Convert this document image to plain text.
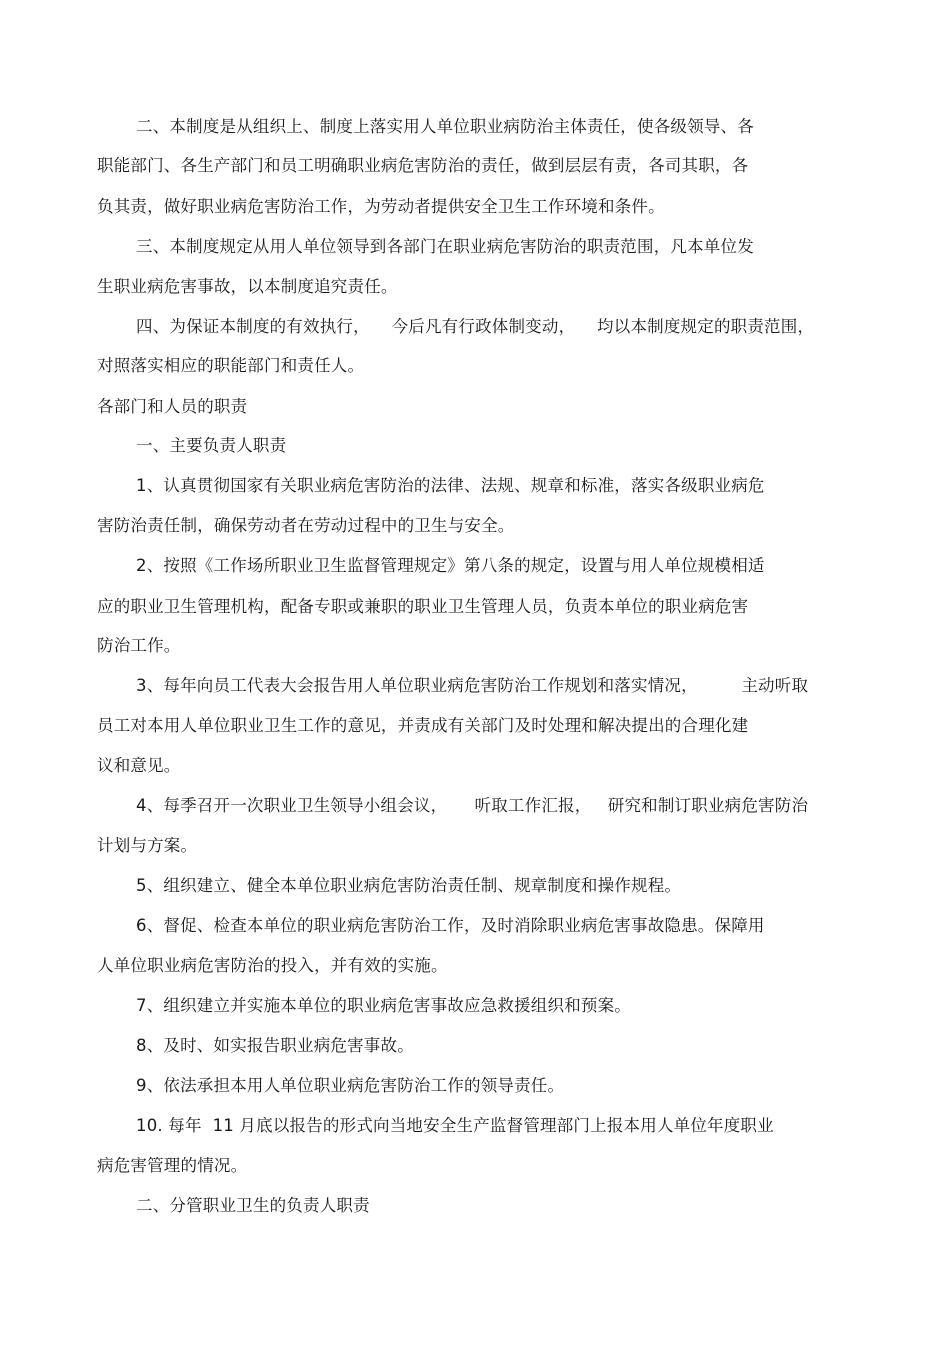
二、本制度是从组织上、制度上落实用人单位职业病防治主体责任，使各级领导、各
职能部门、各生产部门和员工明确职业病危害防治的责任，做到层层有责，各司其职，各
负其责，做好职业病危害防治工作，为劳动者提供安全卫生工作环境和条件。
三、本制度规定从用人单位领导到各部门在职业病危害防治的职责范围，凡本单位发
生职业病危害事故，以本制度追究责任。
四、为保证本制度的有效执行，    今后凡有行政体制变动，    均以本制度规定的职责范围，
对照落实相应的职能部门和责任人。
各部门和人员的职责
一、主要负责人职责
1、认真贯彻国家有关职业病危害防治的法律、法规、规章和标准，落实各级职业病危
害防治责任制，确保劳动者在劳动过程中的卫生与安全。
2、按照《工作场所职业卫生监督管理规定》第八条的规定，设置与用人单位规模相适
应的职业卫生管理机构，配备专职或兼职的职业卫生管理人员，负责本单位的职业病危害
防治工作。
3、每年向员工代表大会报告用人单位职业病危害防治工作规划和落实情况，        主动听取
员工对本用人单位职业卫生工作的意见，并责成有关部门及时处理和解决提出的合理化建
议和意见。
4、每季召开一次职业卫生领导小组会议，     听取工作汇报，   研究和制订职业病危害防治
计划与方案。
5、组织建立、健全本单位职业病危害防治责任制、规章制度和操作规程。
6、督促、检查本单位的职业病危害防治工作，及时消除职业病危害事故隐患。保障用
人单位职业病危害防治的投入，并有效的实施。
7、组织建立并实施本单位的职业病危害事故应急救援组织和预案。
8、及时、如实报告职业病危害事故。
9、依法承担本用人单位职业病危害防治工作的领导责任。
10. 每年  11 月底以报告的形式向当地安全生产监督管理部门上报本用人单位年度职业
病危害管理的情况。
二、分管职业卫生的负责人职责
